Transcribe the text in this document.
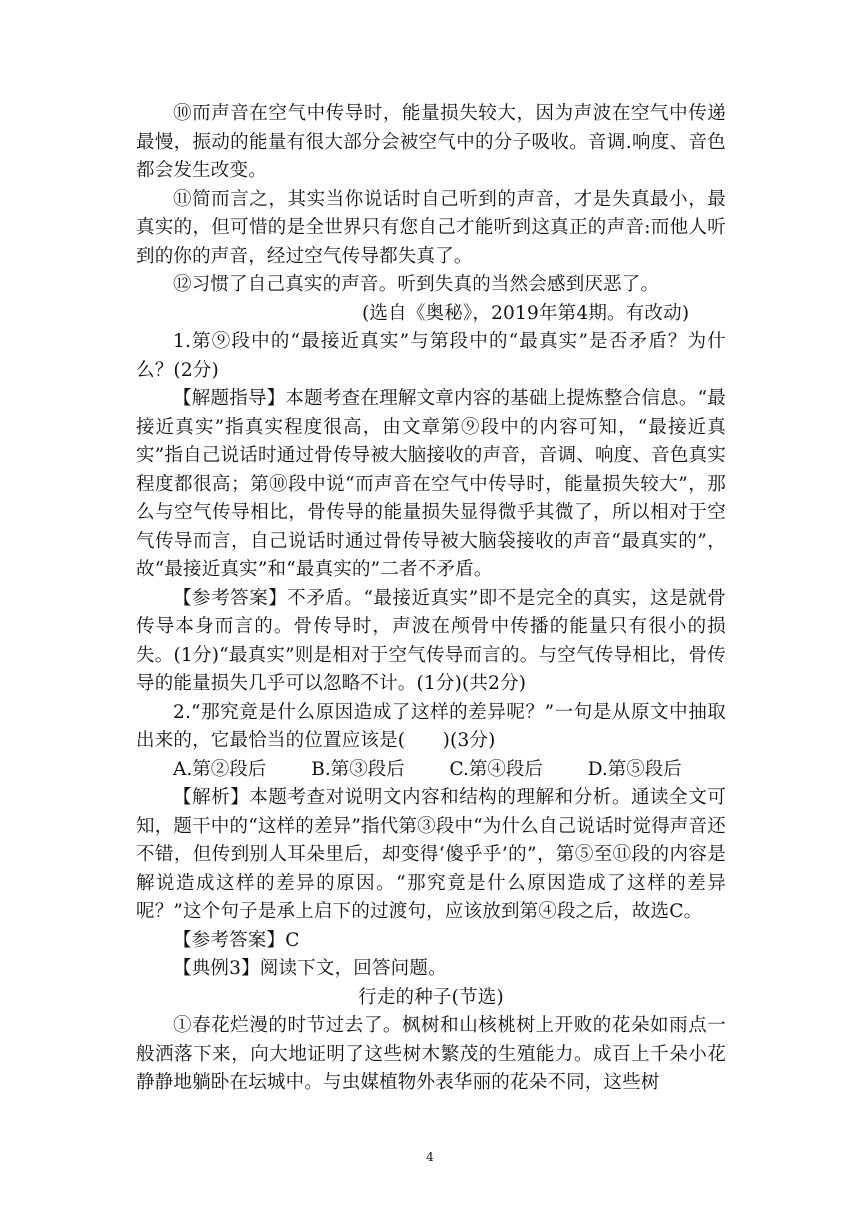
⑩而声音在空气中传导时，能量损失较大，因为声波在空气中传递最慢，振动的能量有很大部分会被空气中的分子吸收。音调.响度、音色都会发生改变。

⑪简而言之，其实当你说话时自己听到的声音，才是失真最小，最真实的，但可惜的是全世界只有您自己才能听到这真正的声音:而他人听到的你的声音，经过空气传导都失真了。

⑫习惯了自己真实的声音。听到失真的当然会感到厌恶了。

(选自《奥秘》，2019年第4期。有改动)

1.第⑨段中的“最接近真实”与第段中的“最真实”是否矛盾？为什么？(2分)

【解题指导】本题考查在理解文章内容的基础上提炼整合信息。“最接近真实”指真实程度很高，由文章第⑨段中的内容可知，“最接近真实”指自己说话时通过骨传导被大脑接收的声音，音调、响度、音色真实程度都很高；第⑩段中说“而声音在空气中传导时，能量损失较大”，那么与空气传导相比，骨传导的能量损失显得微乎其微了，所以相对于空气传导而言，自己说话时通过骨传导被大脑袋接收的声音“最真实的”，故“最接近真实”和“最真实的”二者不矛盾。

【参考答案】不矛盾。“最接近真实”即不是完全的真实，这是就骨传导本身而言的。骨传导时，声波在颅骨中传播的能量只有很小的损失。(1分)“最真实”则是相对于空气传导而言的。与空气传导相比，骨传导的能量损失几乎可以忽略不计。(1分)(共2分)

2.“那究竟是什么原因造成了这样的差异呢？”一句是从原文中抽取出来的，它最恰当的位置应该是(　　)(3分)

A.第②段后	B.第③段后	C.第④段后	D.第⑤段后

【解析】本题考查对说明文内容和结构的理解和分析。通读全文可知，题干中的“这样的差异”指代第③段中“为什么自己说话时觉得声音还不错，但传到别人耳朵里后，却变得‘傻乎乎’的”，第⑤至⑪段的内容是解说造成这样的差异的原因。“那究竟是什么原因造成了这样的差异呢？”这个句子是承上启下的过渡句，应该放到第④段之后，故选C。

【参考答案】C

【典例3】阅读下文，回答问题。

行走的种子(节选)

①春花烂漫的时节过去了。枫树和山核桃树上开败的花朵如雨点一般洒落下来，向大地证明了这些树木繁茂的生殖能力。成百上千朵小花静静地躺卧在坛城中。与虫媒植物外表华丽的花朵不同，这些树

4
